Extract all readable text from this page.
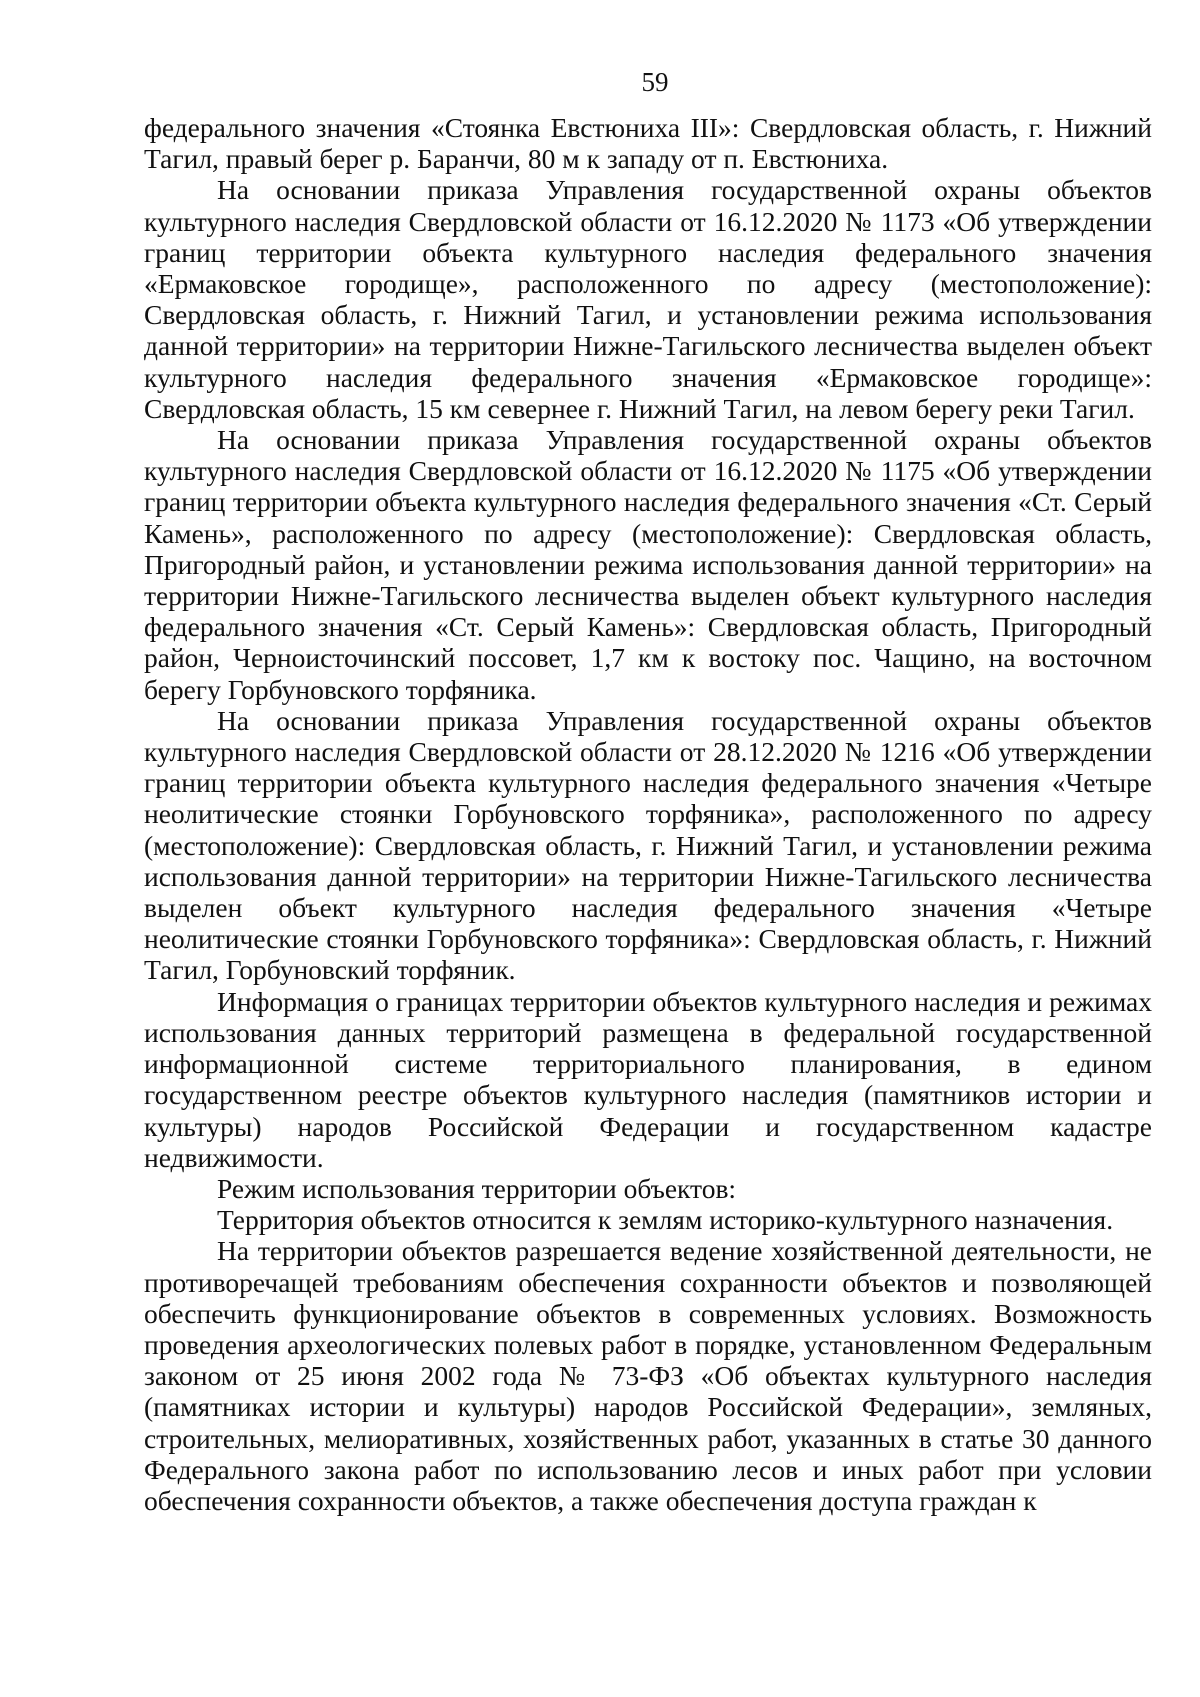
59

федерального значения «Стоянка Евстюниха III»: Свердловская область, г. Нижний Тагил, правый берег р. Баранчи, 80 м к западу от п. Евстюниха.

На основании приказа Управления государственной охраны объектов культурного наследия Свердловской области от 16.12.2020 № 1173 «Об утверждении границ территории объекта культурного наследия федерального значения «Ермаковское городище», расположенного по адресу (местоположение): Свердловская область, г. Нижний Тагил, и установлении режима использования данной территории» на территории Нижне-Тагильского лесничества выделен объект культурного наследия федерального значения «Ермаковское городище»: Свердловская область, 15 км севернее г. Нижний Тагил, на левом берегу реки Тагил.

На основании приказа Управления государственной охраны объектов культурного наследия Свердловской области от 16.12.2020 № 1175 «Об утверждении границ территории объекта культурного наследия федерального значения «Ст. Серый Камень», расположенного по адресу (местоположение): Свердловская область, Пригородный район, и установлении режима использования данной территории» на территории Нижне-Тагильского лесничества выделен объект культурного наследия федерального значения «Ст. Серый Камень»: Свердловская область, Пригородный район, Черноисточинский поссовет, 1,7 км к востоку пос. Чащино, на восточном берегу Горбуновского торфяника.

На основании приказа Управления государственной охраны объектов культурного наследия Свердловской области от 28.12.2020 № 1216 «Об утверждении границ территории объекта культурного наследия федерального значения «Четыре неолитические стоянки Горбуновского торфяника», расположенного по адресу (местоположение): Свердловская область, г. Нижний Тагил, и установлении режима использования данной территории» на территории Нижне-Тагильского лесничества выделен объект культурного наследия федерального значения «Четыре неолитические стоянки Горбуновского торфяника»: Свердловская область, г. Нижний Тагил, Горбуновский торфяник.

Информация о границах территории объектов культурного наследия и режимах использования данных территорий размещена в федеральной государственной информационной системе территориального планирования, в едином государственном реестре объектов культурного наследия (памятников истории и культуры) народов Российской Федерации и государственном кадастре недвижимости.

Режим использования территории объектов:

Территория объектов относится к землям историко-культурного назначения.

На территории объектов разрешается ведение хозяйственной деятельности, не противоречащей требованиям обеспечения сохранности объектов и позволяющей обеспечить функционирование объектов в современных условиях. Возможность проведения археологических полевых работ в порядке, установленном Федеральным законом от 25 июня 2002 года № 73-ФЗ «Об объектах культурного наследия (памятниках истории и культуры) народов Российской Федерации», земляных, строительных, мелиоративных, хозяйственных работ, указанных в статье 30 данного Федерального закона работ по использованию лесов и иных работ при условии обеспечения сохранности объектов, а также обеспечения доступа граждан к
